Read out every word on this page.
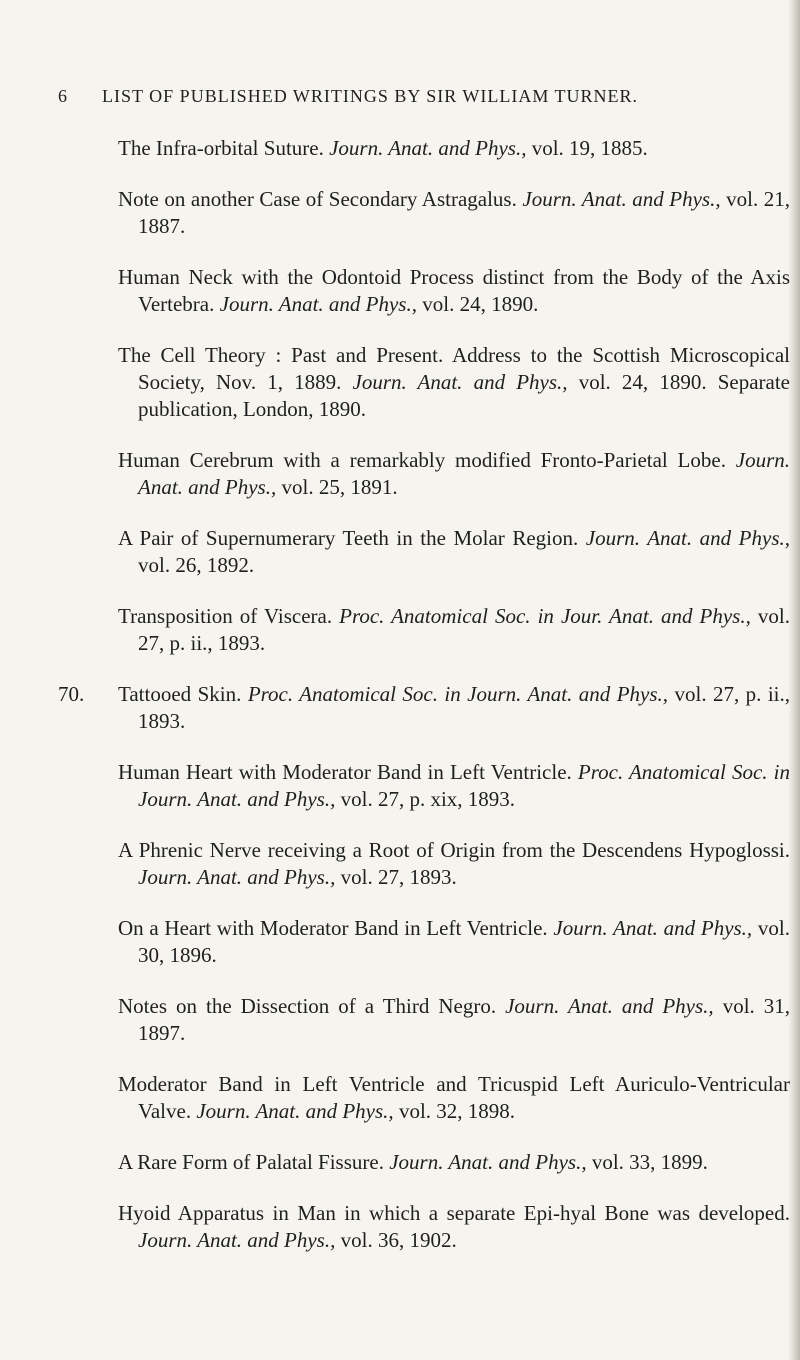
6 LIST OF PUBLISHED WRITINGS BY SIR WILLIAM TURNER.

The Infra-orbital Suture. Journ. Anat. and Phys., vol. 19, 1885.

Note on another Case of Secondary Astragalus. Journ. Anat. and Phys., vol. 21, 1887.

Human Neck with the Odontoid Process distinct from the Body of the Axis Vertebra. Journ. Anat. and Phys., vol. 24, 1890.

The Cell Theory : Past and Present. Address to the Scottish Microscopical Society, Nov. 1, 1889. Journ. Anat. and Phys., vol. 24, 1890. Separate publication, London, 1890.

Human Cerebrum with a remarkably modified Fronto-Parietal Lobe. Journ. Anat. and Phys., vol. 25, 1891.

A Pair of Supernumerary Teeth in the Molar Region. Journ. Anat. and Phys., vol. 26, 1892.

Transposition of Viscera. Proc. Anatomical Soc. in Jour. Anat. and Phys., vol. 27, p. ii., 1893.

70. Tattooed Skin. Proc. Anatomical Soc. in Journ. Anat. and Phys., vol. 27, p. ii., 1893.

Human Heart with Moderator Band in Left Ventricle. Proc. Anatomical Soc. in Journ. Anat. and Phys., vol. 27, p. xix, 1893.

A Phrenic Nerve receiving a Root of Origin from the Descendens Hypoglossi. Journ. Anat. and Phys., vol. 27, 1893.

On a Heart with Moderator Band in Left Ventricle. Journ. Anat. and Phys., vol. 30, 1896.

Notes on the Dissection of a Third Negro. Journ. Anat. and Phys., vol. 31, 1897.

Moderator Band in Left Ventricle and Tricuspid Left Auriculo-Ventricular Valve. Journ. Anat. and Phys., vol. 32, 1898.

A Rare Form of Palatal Fissure. Journ. Anat. and Phys., vol. 33, 1899.

Hyoid Apparatus in Man in which a separate Epi-hyal Bone was developed. Journ. Anat. and Phys., vol. 36, 1902.
